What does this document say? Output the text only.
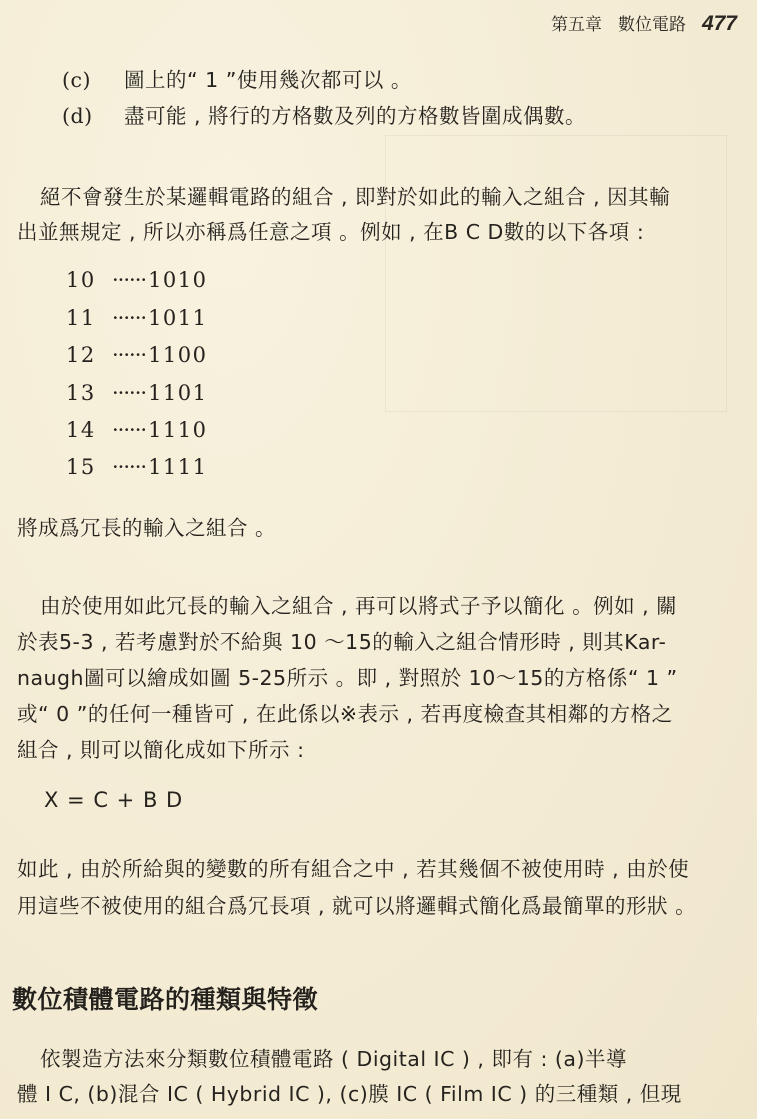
第五章 數位電路 477
(c) 圖上的“ 1 ”使用幾次都可以 。
(d) 盡可能 , 將行的方格數及列的方格數皆圍成偶數。
絕不會發生於某邏輯電路的組合 , 即對於如此的輸入之組合 , 因其輸
出並無規定 , 所以亦稱爲任意之項 。例如 , 在B C D數的以下各項 :
10 ······1010
11 ······1011
12 ······1100
13 ······1101
14 ······1110
15 ······1111
將成爲冗長的輸入之組合 。
由於使用如此冗長的輸入之組合 , 再可以將式子予以簡化 。例如 , 關
於表5-3 , 若考慮對於不給與 10 ～15的輸入之組合情形時 , 則其Kar-
naugh圖可以繪成如圖 5-25所示 。即 , 對照於 10～15的方格係“ 1 ”
或“ 0 ”的任何一種皆可 , 在此係以※表示 , 若再度檢查其相鄰的方格之
組合 , 則可以簡化成如下所示 :
X = C + B D
如此 , 由於所給與的變數的所有組合之中 , 若其幾個不被使用時 , 由於使
用這些不被使用的組合爲冗長項 , 就可以將邏輯式簡化爲最簡單的形狀 。
數位積體電路的種類與特徵
依製造方法來分類數位積體電路 ( Digital IC ) , 即有 : (a)半導
體 I C, (b)混合 IC ( Hybrid IC ), (c)膜 IC ( Film IC ) 的三種類 , 但現
